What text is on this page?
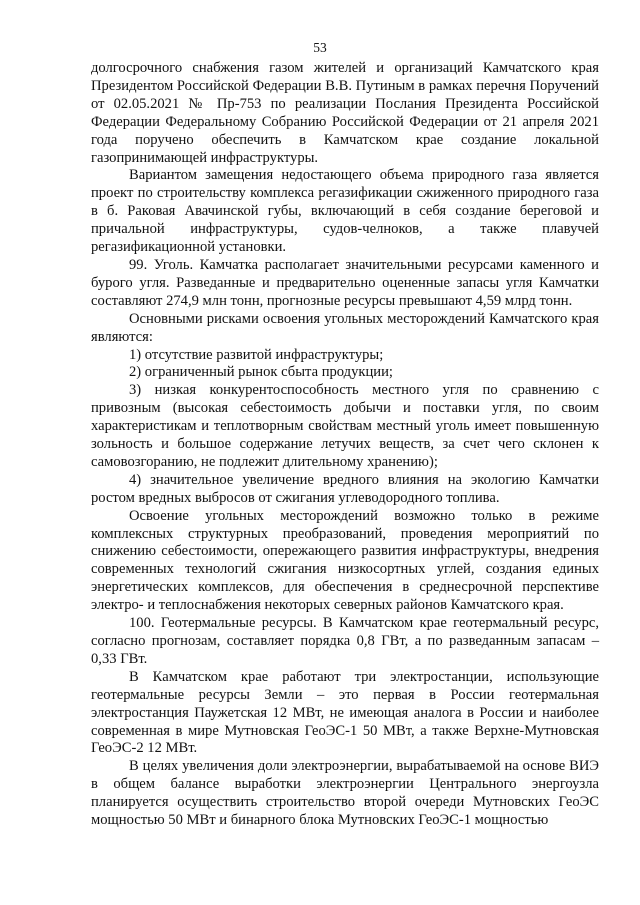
53

долгосрочного снабжения газом жителей и организаций Камчатского края Президентом Российской Федерации В.В. Путиным в рамках перечня Поручений от 02.05.2021 № Пр-753 по реализации Послания Президента Российской Федерации Федеральному Собранию Российской Федерации от 21 апреля 2021 года поручено обеспечить в Камчатском крае создание локальной газопринимающей инфраструктуры.

Вариантом замещения недостающего объема природного газа является проект по строительству комплекса регазификации сжиженного природного газа в б. Раковая Авачинской губы, включающий в себя создание береговой и причальной инфраструктуры, судов-челноков, а также плавучей регазификационной установки.

99. Уголь. Камчатка располагает значительными ресурсами каменного и бурого угля. Разведанные и предварительно оцененные запасы угля Камчатки составляют 274,9 млн тонн, прогнозные ресурсы превышают 4,59 млрд тонн.

Основными рисками освоения угольных месторождений Камчатского края являются:

1) отсутствие развитой инфраструктуры;

2) ограниченный рынок сбыта продукции;

3) низкая конкурентоспособность местного угля по сравнению с привозным (высокая себестоимость добычи и поставки угля, по своим характеристикам и теплотворным свойствам местный уголь имеет повышенную зольность и большое содержание летучих веществ, за счет чего склонен к самовозгоранию, не подлежит длительному хранению);

4) значительное увеличение вредного влияния на экологию Камчатки ростом вредных выбросов от сжигания углеводородного топлива.

Освоение угольных месторождений возможно только в режиме комплексных структурных преобразований, проведения мероприятий по снижению себестоимости, опережающего развития инфраструктуры, внедрения современных технологий сжигания низкосортных углей, создания единых энергетических комплексов, для обеспечения в среднесрочной перспективе электро- и теплоснабжения некоторых северных районов Камчатского края.

100. Геотермальные ресурсы. В Камчатском крае геотермальный ресурс, согласно прогнозам, составляет порядка 0,8 ГВт, а по разведанным запасам – 0,33 ГВт.

В Камчатском крае работают три электростанции, использующие геотермальные ресурсы Земли – это первая в России геотермальная электростанция Паужетская 12 МВт, не имеющая аналога в России и наиболее современная в мире Мутновская ГеоЭС-1 50 МВт, а также Верхне-Мутновская ГеоЭС-2 12 МВт.

В целях увеличения доли электроэнергии, вырабатываемой на основе ВИЭ в общем балансе выработки электроэнергии Центрального энергоузла планируется осуществить строительство второй очереди Мутновских ГеоЭС мощностью 50 МВт и бинарного блока Мутновских ГеоЭС-1 мощностью
